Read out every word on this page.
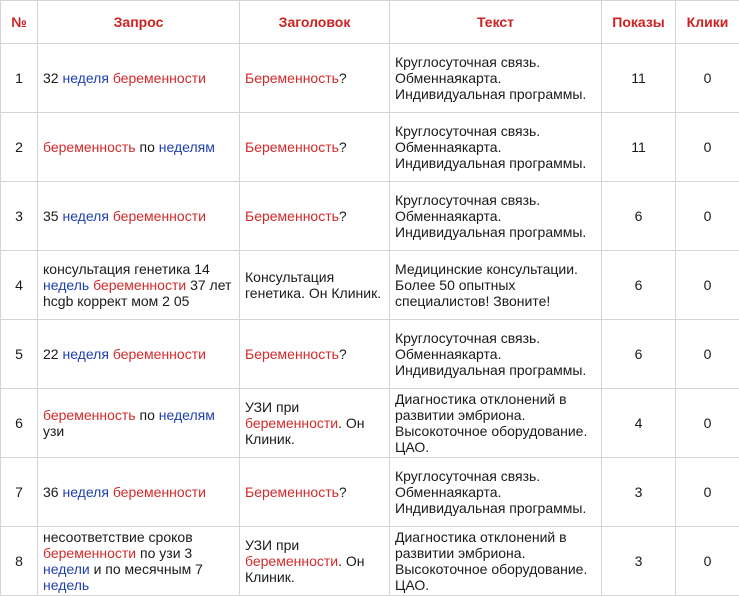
№	Запрос	Заголовок	Текст	Показы	Клики
1	32 неделя беременности	Беременность?	Круглосуточная связь. Обменнаякарта. Индивидуальная программы.	11	0
2	беременность по неделям	Беременность?	Круглосуточная связь. Обменнаякарта. Индивидуальная программы.	11	0
3	35 неделя беременности	Беременность?	Круглосуточная связь. Обменнаякарта. Индивидуальная программы.	6	0
4	консультация генетика 14 недель беременности 37 лет hcgb коррект мом 2 05	Консультация генетика. Он Клиник.	Медицинские консультации. Более 50 опытных специалистов! Звоните!	6	0
5	22 неделя беременности	Беременность?	Круглосуточная связь. Обменнаякарта. Индивидуальная программы.	6	0
6	беременность по неделям узи	УЗИ при беременности. Он Клиник.	Диагностика отклонений в развитии эмбриона. Высокоточное оборудование. ЦАО.	4	0
7	36 неделя беременности	Беременность?	Круглосуточная связь. Обменнаякарта. Индивидуальная программы.	3	0
8	несоответствие сроков беременности по узи 3 недели и по месячным 7 недель	УЗИ при беременности. Он Клиник.	Диагностика отклонений в развитии эмбриона. Высокоточное оборудование. ЦАО.	3	0
